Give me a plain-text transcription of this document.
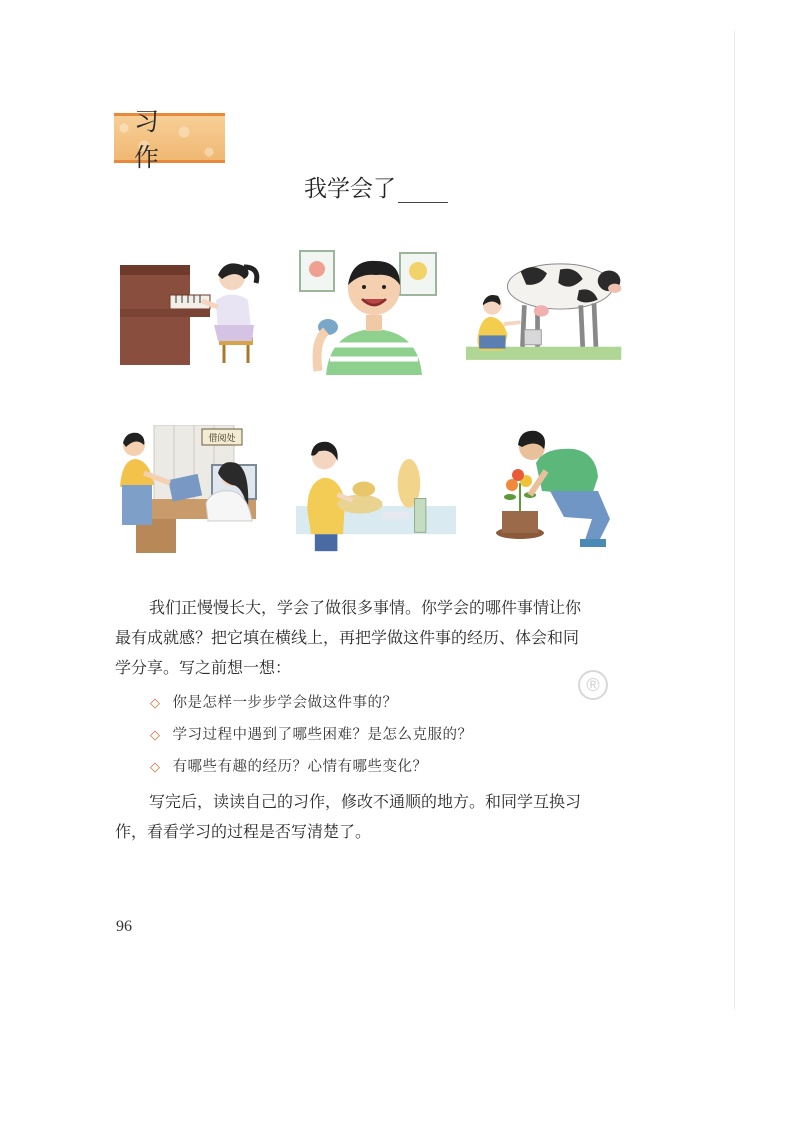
习 作
我学会了
借阅处
我们正慢慢长大，学会了做很多事情。你学会的哪件事情让你
最有成就感？把它填在横线上，再把学做这件事的经历、体会和同
学分享。写之前想一想：
◇ 你是怎样一步步学会做这件事的？
◇ 学习过程中遇到了哪些困难？是怎么克服的？
◇ 有哪些有趣的经历？心情有哪些变化？
写完后，读读自己的习作，修改不通顺的地方。和同学互换习
作，看看学习的过程是否写清楚了。
®
96
